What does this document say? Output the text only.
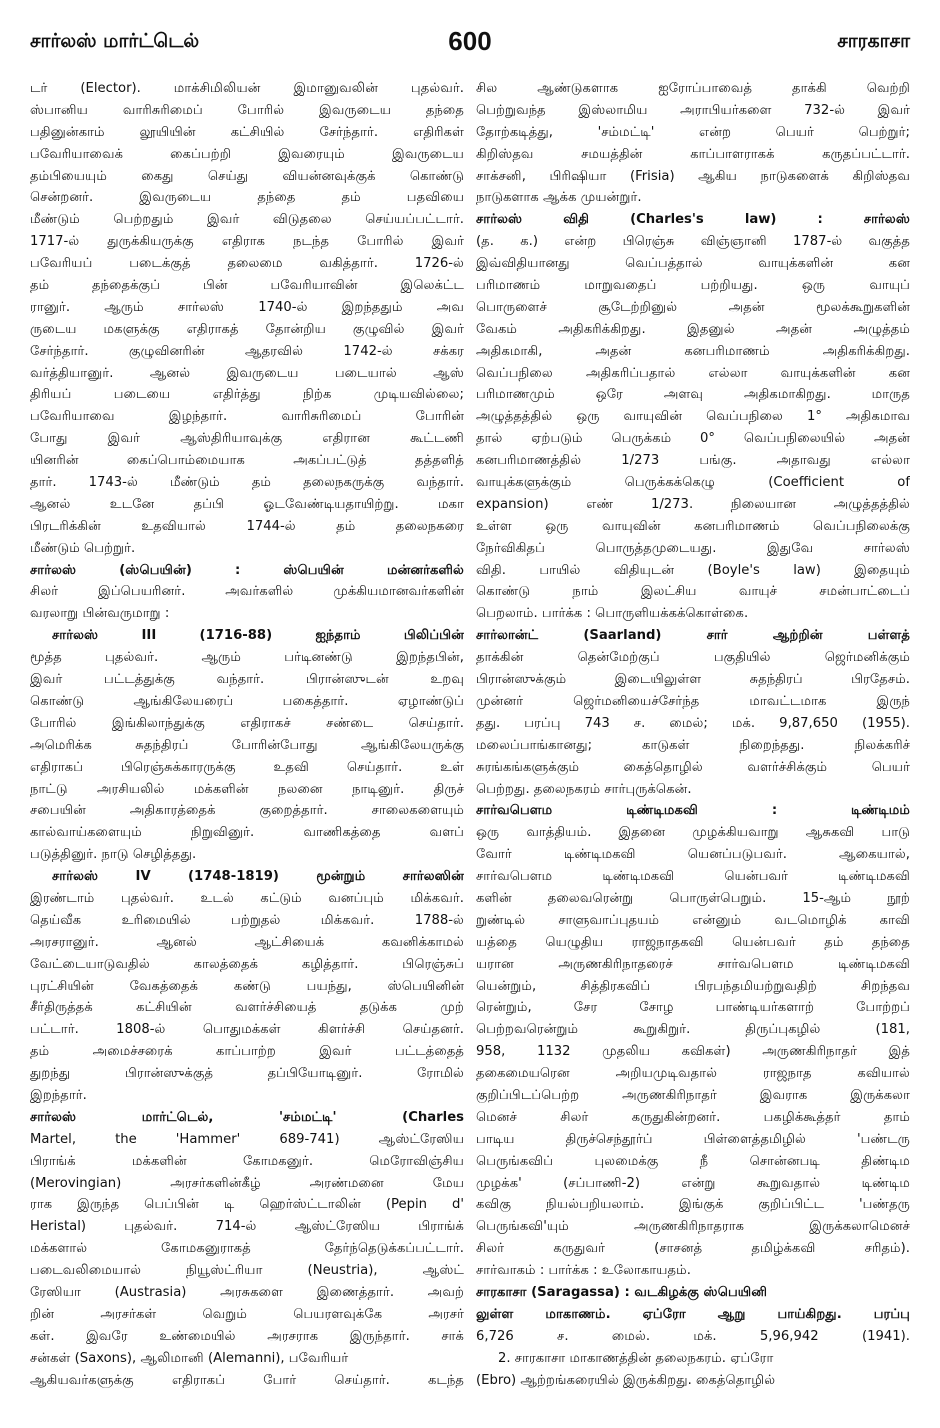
சார்லஸ் மார்ட்டெல்	600	சாரகாசா
டர் (Elector). மாக்சிமிலியன் இமானுவலின் புதல்வர்.
ஸ்பானிய வாரிசுரிமைப் போரில் இவருடைய தந்தை
பதினுன்காம் லூயியின் கட்சியில் சேர்ந்தார். எதிரிகள்
பவேரியாவைக் கைப்பற்றி இவரையும் இவருடைய
தம்பியையும் கைது செய்து வியன்னவுக்குக் கொண்டு
சென்றனர். இவருடைய தந்தை தம் பதவியை
மீண்டும் பெற்றதும் இவர் விடுதலை செய்யப்பட்டார்.
1717-ல் துருக்கியருக்கு எதிராக நடந்த போரில் இவர்
பவேரியப் படைக்குத் தலைமை வகித்தார். 1726-ல்
தம் தந்தைக்குப் பின் பவேரியாவின் இலெக்ட்ட
ரானுர். ஆரும் சார்லஸ் 1740-ல் இறந்ததும் அவ
ருடைய மகளுக்கு எதிராகத் தோன்றிய குழுவில் இவர்
சேர்ந்தார். குழுவினரின் ஆதரவில் 1742-ல் சக்கர
வர்த்தியானுர். ஆனல் இவருடைய படையால் ஆஸ்
திரியப் படையை எதிர்த்து நிற்க முடியவில்லை;
பவேரியாவை இழந்தார். வாரிசுரிமைப் போரின்
போது இவர் ஆஸ்திரியாவுக்கு எதிரான கூட்டணி
யினரின் கைப்பொம்மையாக அகப்பட்டுத் தத்தளித்
தார். 1743-ல் மீண்டும் தம் தலைநகருக்கு வந்தார்.
ஆனல் உடனே தப்பி ஓடவேண்டியதாயிற்று. மகா
பிரடரிக்கின் உதவியால் 1744-ல் தம் தலைநகரை
மீண்டும் பெற்றுர்.
சார்லஸ் (ஸ்பெயின்) : ஸ்பெயின் மன்னர்களில்
சிலர் இப்பெயரினர். அவர்களில் முக்கியமானவர்களின்
வரலாறு பின்வருமாறு :
சார்லஸ் III (1716-88) ஐந்தாம் பிலிப்பின்
மூத்த புதல்வர். ஆரும் பர்டினண்டு இறந்தபின்,
இவர் பட்டத்துக்கு வந்தார். பிரான்ஸுடன் உறவு
கொண்டு ஆங்கிலேயரைப் பகைத்தார். ஏழாண்டுப்
போரில் இங்கிலாந்துக்கு எதிராகச் சண்டை செய்தார்.
அமெரிக்க சுதந்திரப் போரின்போது ஆங்கிலேயருக்கு
எதிராகப் பிரெஞ்சுக்காரருக்கு உதவி செய்தார். உள்
நாட்டு அரசியலில் மக்களின் நலனை நாடினுர். திருச்
சபையின் அதிகாரத்தைக் குறைத்தார். சாலைகளையும்
கால்வாய்களையும் நிறுவினுர். வாணிகத்தை வளப்
படுத்தினுர். நாடு செழித்தது.
சார்லஸ் IV (1748-1819) மூன்றும் சார்லஸின்
இரண்டாம் புதல்வர். உடல் கட்டும் வனப்பும் மிக்கவர்.
தெய்வீக உரிமையில் பற்றுதல் மிக்கவர். 1788-ல்
அரசரானுர். ஆனல் ஆட்சியைக் கவனிக்காமல்
வேட்டையாடுவதில் காலத்தைக் கழித்தார். பிரெஞ்சுப்
புரட்சியின் வேகத்தைக் கண்டு பயந்து, ஸ்பெயினின்
சீர்திருத்தக் கட்சியின் வளர்ச்சியைத் தடுக்க முற்
பட்டார். 1808-ல் பொதுமக்கள் கிளர்ச்சி செய்தனர்.
தம் அமைச்சரைக் காப்பாற்ற இவர் பட்டத்தைத்
துறந்து பிரான்ஸுக்குத் தப்பியோடினுர். ரோமில்
இறந்தார்.
சார்லஸ் மார்ட்டெல், 'சம்மட்டி' (Charles
Martel, the 'Hammer' 689-741) ஆஸ்ட்ரேஸிய
பிராங்க் மக்களின் கோமகனுர். மெரோவிஞ்சிய
(Merovingian) அரசர்களின்கீழ் அரண்மனை மேய
ராக இருந்த பெப்பின் டி ஹெர்ஸ்ட்டாலின் (Pepin d'
Heristal) புதல்வர். 714-ல் ஆஸ்ட்ரேஸிய பிராங்க்
மக்களால் கோமகனுராகத் தேர்ந்தெடுக்கப்பட்டார்.
படைவலிமையால் நியூஸ்ட்ரியா (Neustria), ஆஸ்ட்
ரேஸியா (Austrasia) அரசுகளை இணைத்தார். அவற்
றின் அரசர்கள் வெறும் பெயரளவுக்கே அரசர்
கள். இவரே உண்மையில் அரசராக இருந்தார். சாக்
சன்கள் (Saxons), ஆலிமானி (Alemanni), பவேரியர்
ஆகியவர்களுக்கு எதிராகப் போர் செய்தார். கடந்த
சில ஆண்டுகளாக ஐரோப்பாவைத் தாக்கி வெற்றி
பெற்றுவந்த இஸ்லாமிய அராபியர்களை 732-ல் இவர்
தோற்கடித்து, 'சம்மட்டி' என்ற பெயர் பெற்றுர்;
கிறிஸ்தவ சமயத்தின் காப்பாளராகக் கருதப்பட்டார்.
சாக்சனி, பிரிஷியா (Frisia) ஆகிய நாடுகளைக் கிறிஸ்தவ
நாடுகளாக ஆக்க முயன்றுர்.
சார்லஸ் விதி (Charles's law) : சார்லஸ்
(த. க.) என்ற பிரெஞ்சு விஞ்ஞானி 1787-ல் வகுத்த
இவ்விதியானது வெப்பத்தால் வாயுக்களின் கன
பரிமாணம் மாறுவதைப் பற்றியது. ஒரு வாயுப்
பொருளைச் சூடேற்றினுல் அதன் மூலக்கூறுகளின்
வேகம் அதிகரிக்கிறது. இதனுல் அதன் அழுத்தம்
அதிகமாகி, அதன் கனபரிமாணம் அதிகரிக்கிறது.
வெப்பநிலை அதிகரிப்பதால் எல்லா வாயுக்களின் கன
பரிமாணமும் ஒரே அளவு அதிகமாகிறது. மாருத
அழுத்தத்தில் ஒரு வாயுவின் வெப்பநிலை 1° அதிகமாவ
தால் ஏற்படும் பெருக்கம் 0° வெப்பநிலையில் அதன்
கனபரிமாணத்தில் 1/273 பங்கு. அதாவது எல்லா
வாயுக்களுக்கும் பெருக்கக்கெழு (Coefficient of
expansion) எண் 1/273. நிலையான அழுத்தத்தில்
உள்ள ஒரு வாயுவின் கனபரிமாணம் வெப்பநிலைக்கு
நேர்விகிதப் பொருத்தமுடையது. இதுவே சார்லஸ்
விதி. பாயில் விதியுடன் (Boyle's law) இதையும்
கொண்டு நாம் இலட்சிய வாயுச் சமன்பாட்டைப்
பெறலாம். பார்க்க : பொருளியக்கக்கொள்கை.
சார்லான்ட் (Saarland) சார் ஆற்றின் பள்ளத்
தாக்கின் தென்மேற்குப் பகுதியில் ஜெர்மனிக்கும்
பிரான்ஸுக்கும் இடையிலுள்ள சுதந்திரப் பிரதேசம்.
முன்னர் ஜெர்மனியைச்சேர்ந்த மாவட்டமாக இருந்
தது. பரப்பு 743 ச. மைல்; மக். 9,87,650 (1955).
மலைப்பாங்கானது; காடுகள் நிறைந்தது. நிலக்கரிச்
சுரங்கங்களுக்கும் கைத்தொழில் வளர்ச்சிக்கும் பெயர்
பெற்றது. தலைநகரம் சார்புருக்கென்.
சார்வபௌம டிண்டிமகவி : டிண்டிமம்
ஒரு வாத்தியம். இதனை முழக்கியவாறு ஆசுகவி பாடு
வோர் டிண்டிமகவி யெனப்படுபவர். ஆகையால்,
சார்வபௌம டிண்டிமகவி யென்பவர் டிண்டிமகவி
களின் தலைவரென்று பொருள்பெறும். 15-ஆம் நூற்
றுண்டில் சாளுவாப்புதயம் என்னும் வடமொழிக் காவி
யத்தை யெழுதிய ராஜநாதகவி யென்பவர் தம் தந்தை
யரான அருணகிரிநாதரைச் சார்வபௌம டிண்டிமகவி
யென்றும், சித்திரகவிப் பிரபந்தமியற்றுவதிற் சிறந்தவ
ரென்றும், சேர சோழ பாண்டியர்களாற் போற்றப்
பெற்றவரென்றும் கூறுகிறுர். திருப்புகழில் (181,
958, 1132 முதலிய கவிகள்) அருணகிரிநாதர் இத்
தகைமையரென அறியமுடிவதால் ராஜநாத கவியால்
குறிப்பிடப்பெற்ற அருணகிரிநாதர் இவராக இருக்கலா
மெனச் சிலர் கருதுகின்றனர். பகழிக்கூத்தர் தாம்
பாடிய திருச்செந்தூர்ப் பிள்ளைத்தமிழில் 'பண்டரு
பெருங்கவிப் புலமைக்கு நீ சொன்னபடி திண்டிம
முழக்க' (சப்பாணி-2) என்று கூறுவதால் டிண்டிம
கவிகு நியல்பறியலாம். இங்குக் குறிப்பிட்ட 'பண்தரு
பெருங்கவி'யும் அருணகிரிநாதராக இருக்கலாமெனச்
சிலர் கருதுவர் (சாசனத் தமிழ்க்கவி சரிதம்).
சார்வாகம் : பார்க்க : உலோகாயதம்.
சாரகாசா (Saragassa) : வடகிழக்கு ஸ்பெயினி
லுள்ள மாகாணம். ஏப்ரோ ஆறு பாய்கிறது. பரப்பு
6,726 ச. மைல். மக். 5,96,942 (1941).
2. சாரகாசா மாகாணத்தின் தலைநகரம். ஏப்ரோ
(Ebro) ஆற்றங்கரையில் இருக்கிறது. கைத்தொழில்
